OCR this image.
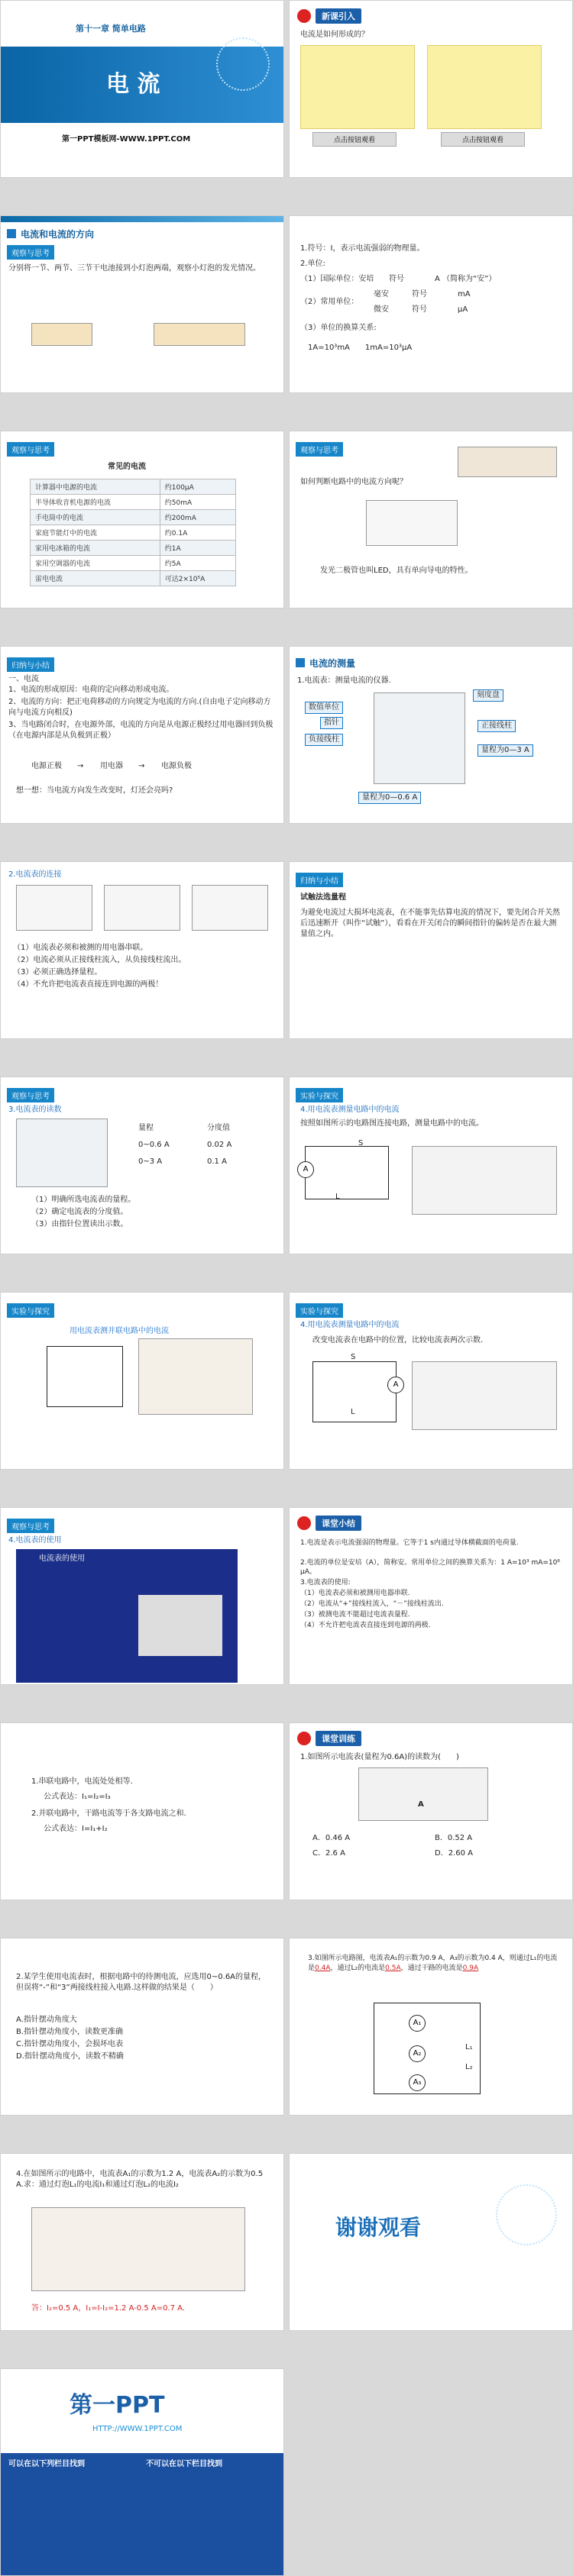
第十一章 简单电路
电 流
第一PPT模板网-WWW.1PPT.COM
新课引入
电流是如何形成的？
点击按钮观看	点击按钮观看
电流和电流的方向
观察与思考
分别将一节、两节、三节干电池接到小灯泡两端，观察小灯泡的发光情况。
1.符号：I，表示电流强弱的物理量。
2.单位:
（1）国际单位：安培 符号	A （简称为“安”）
（2）常用单位：
毫安	符号	mA
微安	符号	μA
（3）单位的换算关系:
1A=10³mA　　1mA=10³μA
观察与思考
常见的电流
计算器中电源的电流	约100μA
半导体收音机电源的电流	约50mA
手电筒中的电流	约200mA
家庭节能灯中的电流	约0.1A
家用电冰箱的电流	约1A
家用空调器的电流	约5A
雷电电流	可达2×10⁵A
观察与思考
如何判断电路中的电流方向呢？
发光二极管也叫LED，具有单向导电的特性。
归纳与小结
一、电流
1、电流的形成原因：电荷的定向移动形成电流。
2、电流的方向：把正电荷移动的方向规定为电流的方向.(自由电子定向移动方向与电流方向相反)
3、当电路闭合时，在电源外部，电流的方向是从电源正极经过用电器回到负极（在电源内部是从负极到正极）
电源正极 → 用电器 → 电源负极
想一想：当电流方向发生改变时，灯还会亮吗?
电流的测量
1.电流表：测量电流的仪器.
刻度盘
指针
数值单位
负接线柱
正接线柱
量程为0—3 A
量程为0—0.6 A
2.电流表的连接
（1）电流表必须和被测的用电器串联。
（2）电流必须从正接线柱流入，从负接线柱流出。
（3）必须正确选择量程。
（4）不允许把电流表直接连到电源的两极！
归纳与小结
试触法选量程
为避免电流过大损坏电流表，在不能事先估算电流的情况下，要先闭合开关然后迅速断开（叫作“试触”），看看在开关闭合的瞬间指针的偏转是否在最大测量值之内。
观察与思考
3.电流表的读数
量程	分度值
0~0.6 A	0.02 A
0~3 A	0.1 A
（1）明确所选电流表的量程。
（2）确定电流表的分度值。
（3）由指针位置读出示数。
实验与探究
4.用电流表测量电路中的电流
按照如图所示的电路图连接电路，测量电路中的电流。
A
L
S
实验与探究
用电流表测并联电路中的电流
实验与探究
4.用电流表测量电路中的电流
改变电流表在电路中的位置，比较电流表两次示数.
A
L
S
观察与思考
4.电流表的使用
电流表的使用
课堂小结
1.电流是表示电流强弱的物理量。它等于1 s内通过导体横截面的电荷量.
2.电流的单位是安培（A），简称安。常用单位之间的换算关系为：1 A=10³ mA=10⁶ μA。
3.电流表的使用:
（1）电流表必须和被测用电器串联.
（2）电流从“+”接线柱流入，“－”接线柱流出.
（3）被测电流不能超过电流表量程.
（4）不允许把电流表直接连到电源的两极.
1.串联电路中，电流处处相等.
公式表达：I₁=I₂=I₃
2.并联电路中，干路电流等于各支路电流之和.
公式表达：I=I₁+I₂
课堂训练
1.如图所示电流表(量程为0.6A)的读数为(　　)
A
A．0.46 A	B．0.52 A
C．2.6 A	D．2.60 A
2.某学生使用电流表时，根据电路中的待测电流，应选用0~0.6A的量程，但误将“-”和“3”两接线柱接入电路.这样做的结果是（　　）
A.指针摆动角度大
B.指针摆动角度小，读数更准确
C.指针摆动角度小，会损坏电表
D.指针摆动角度小，读数不精确
3.如图所示电路图，电流表A₁的示数为0.9 A，A₃的示数为0.4 A，则通过L₁的电流是0.4A，通过L₂的电流是0.5A，通过干路的电流是0.9A
A₁
A₂
A₃
L₁
L₂
4.在如图所示的电路中，电流表A₁的示数为1.2 A，电流表A₂的示数为0.5 A.求：通过灯泡L₁的电流I₁和通过灯泡L₂的电流I₂
答：I₂=0.5 A，I₁=I-I₂=1.2 A-0.5 A=0.7 A.
谢谢观看
第一PPT
HTTP://WWW.1PPT.COM
可以在以下列栏目找到	不可以在以下栏目找到
